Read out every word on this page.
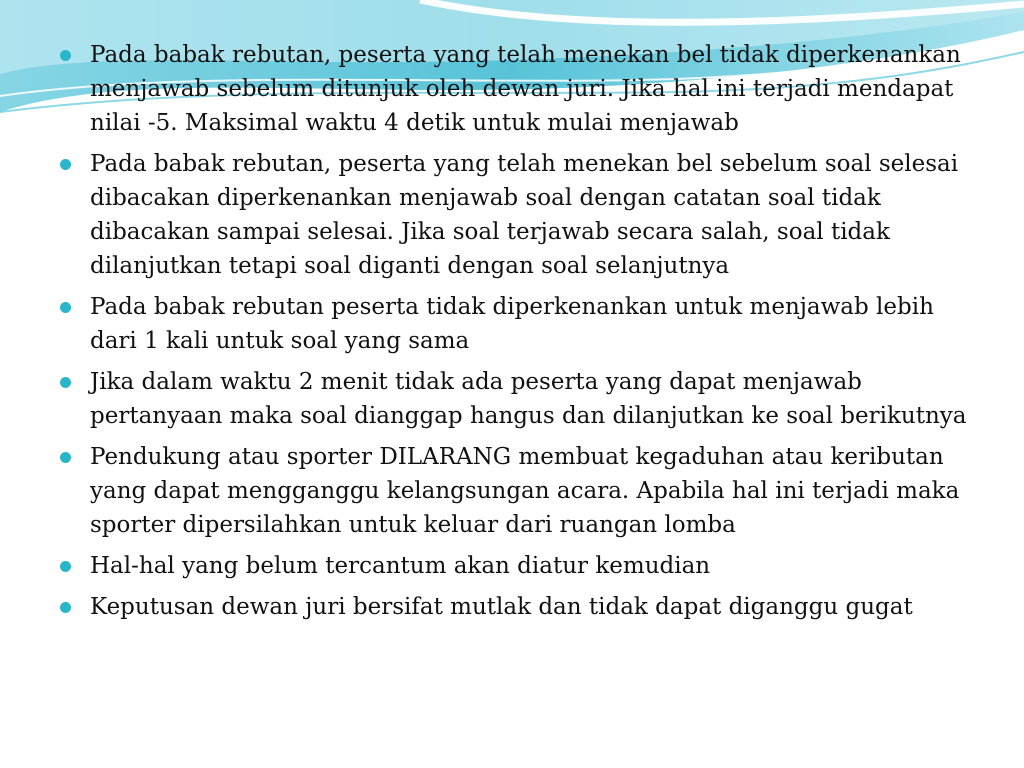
Pada babak rebutan, peserta yang telah menekan bel tidak diperkenankan menjawab sebelum ditunjuk oleh dewan juri. Jika hal ini terjadi mendapat nilai -5. Maksimal waktu 4 detik untuk mulai menjawab
Pada babak rebutan, peserta yang telah menekan bel sebelum soal selesai dibacakan diperkenankan menjawab soal dengan catatan soal tidak dibacakan sampai selesai. Jika soal terjawab secara salah, soal tidak dilanjutkan tetapi soal diganti dengan soal selanjutnya
Pada babak rebutan peserta tidak diperkenankan untuk menjawab lebih dari 1 kali untuk soal yang sama
Jika dalam waktu 2 menit tidak ada peserta yang dapat menjawab pertanyaan maka soal dianggap hangus dan dilanjutkan ke soal berikutnya
Pendukung atau sporter DILARANG membuat kegaduhan atau keributan yang dapat mengganggu kelangsungan acara. Apabila hal ini terjadi maka sporter dipersilahkan untuk keluar dari ruangan lomba
Hal-hal yang belum tercantum akan diatur kemudian
Keputusan dewan juri bersifat mutlak dan tidak dapat diganggu gugat
